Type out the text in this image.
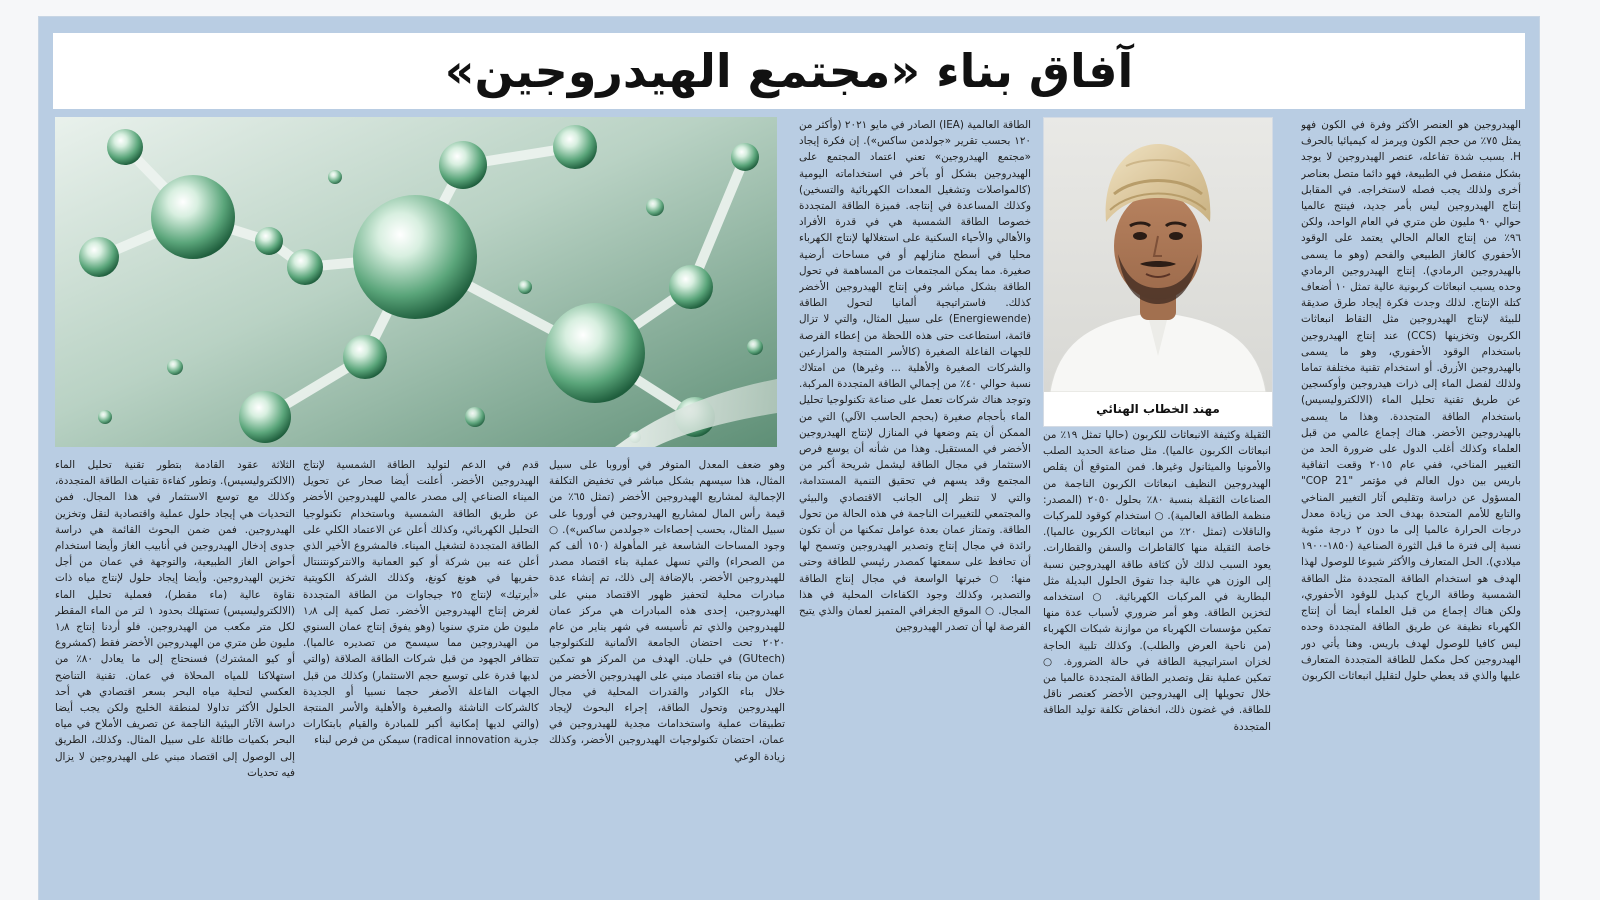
آفاق بناء «مجتمع الهيدروجين»

الهيدروجين هو العنصر الأكثر وفرة في الكون فهو يمثل ٧٥٪ من حجم الكون ويرمز له كيميائيا بالحرف H. بسبب شدة تفاعله، عنصر الهيدروجين لا يوجد بشكل منفصل في الطبيعة، فهو دائما متصل بعناصر أخرى ولذلك يجب فصله لاستخراجه. في المقابل إنتاج الهيدروجين ليس بأمر جديد، فينتج عالميا حوالي ٩٠ مليون طن متري في العام الواحد، ولكن ٩٦٪ من إنتاج العالم الحالي يعتمد على الوقود الأحفوري كالغاز الطبيعي والفحم (وهو ما يسمى بالهيدروجين الرمادي). إنتاج الهيدروجين الرمادي وحده يسبب انبعاثات كربونية عالية تمثل ١٠ أضعاف كتلة الإنتاج. لذلك وجدت فكرة إيجاد طرق صديقة للبيئة لإنتاج الهيدروجين مثل التقاط انبعاثات الكربون وتخزينها (CCS) عند إنتاج الهيدروجين باستخدام الوقود الأحفوري، وهو ما يسمى بالهيدروجين الأزرق. أو استخدام تقنية مختلفة تماما ولذلك لفصل الماء إلى ذرات هيدروجين وأوكسجين عن طريق تقنية تحليل الماء (الالكتروليسيس) باستخدام الطاقة المتجددة. وهذا ما يسمى بالهيدروجين الأخضر. هناك إجماع عالمي من قبل العلماء وكذلك أغلب الدول على ضرورة الحد من التغيير المناخي، ففي عام ٢٠١٥ وقعت اتفاقية باريس بين دول العالم في مؤتمر "COP 21" المسؤول عن دراسة وتقليص آثار التغيير المناخي والتابع للأمم المتحدة بهدف الحد من زيادة معدل درجات الحرارة عالميا إلى ما دون ٢ درجة مئوية نسبة إلى فترة ما قبل الثورة الصناعية (١٨٥٠-١٩٠٠ ميلادي). الحل المتعارف والأكثر شيوعا للوصول لهذا الهدف هو استخدام الطاقة المتجددة مثل الطاقة الشمسية وطاقة الرياح كبديل للوقود الأحفوري، ولكن هناك إجماع من قبل العلماء أيضا أن إنتاج الكهرباء نظيفة عن طريق الطاقة المتجددة وحده ليس كافيا للوصول لهدف باريس. وهنا يأتي دور الهيدروجين كحل مكمل للطاقة المتجددة المتعارف عليها والذي قد يعطي حلول لتقليل انبعاثات الكربون

مهند الخطاب الهنائي

الثقيلة وكثيفة الانبعاثات للكربون (حاليا تمثل ١٩٪ من انبعاثات الكربون عالميا). مثل صناعة الحديد الصلب والأمونيا والميثانول وغيرها. فمن المتوقع أن يقلص الهيدروجين النظيف انبعاثات الكربون الناجمة من الصناعات الثقيلة بنسبة ٨٠٪ بحلول ٢٠٥٠ (المصدر: منظمة الطاقة العالمية). ○ استخدام كوقود للمركبات والناقلات (تمثل ٢٠٪ من انبعاثات الكربون عالميا). خاصة الثقيلة منها كالقاطرات والسفن والقطارات. يعود السبب لذلك لأن كثافة طاقة الهيدروجين نسبة إلى الوزن هي عالية جدا تفوق الحلول البديلة مثل البطارية في المركبات الكهربائية. ○ استخدامه لتخزين الطاقة. وهو أمر ضروري لأسباب عدة منها تمكين مؤسسات الكهرباء من موازنة شبكات الكهرباء (من ناحية العرض والطلب). وكذلك تلبية الحاجة لخزان استراتيجية الطاقة في حالة الضرورة. ○ تمكين عملية نقل وتصدير الطاقة المتجددة عالميا من خلال تحويلها إلى الهيدروجين الأخضر كعنصر ناقل للطاقة. في غضون ذلك، انخفاض تكلفة توليد الطاقة المتجددة

الطاقة العالمية (IEA) الصادر في مايو ٢٠٢١ (وأكثر من ١٢٠ بحسب تقرير «جولدمن ساكس»). إن فكرة إيجاد «مجتمع الهيدروجين» تعني اعتماد المجتمع على الهيدروجين بشكل أو بآخر في استخداماته اليومية (كالمواصلات وتشغيل المعدات الكهربائية والتسخين) وكذلك المساعدة في إنتاجه. فميزة الطاقة المتجددة خصوصا الطاقة الشمسية هي في قدرة الأفراد والأهالي والأحياء السكنية على استغلالها لإنتاج الكهرباء محليا في أسطح منازلهم أو في مساحات أرضية صغيرة. مما يمكن المجتمعات من المساهمة في تحول الطاقة بشكل مباشر وفي إنتاج الهيدروجين الأخضر كذلك. فاستراتيجية ألمانيا لتحول الطاقة (Energiewende) على سبيل المثال، والتي لا تزال قائمة، استطاعت حتى هذه اللحظة من إعطاء الفرصة للجهات الفاعلة الصغيرة (كالأسر المنتجة والمزارعين والشركات الصغيرة والأهلية ... وغيرها) من امتلاك نسبة حوالي ٤٠٪ من إجمالي الطاقة المتجددة المركبة. وتوجد هناك شركات تعمل على صناعة تكنولوجيا تحليل الماء بأحجام صغيرة (بحجم الحاسب الآلي) التي من الممكن أن يتم وضعها في المنازل لإنتاج الهيدروجين الأخضر في المستقبل. وهذا من شأنه أن يوسع فرص الاستثمار في مجال الطاقة ليشمل شريحة أكبر من المجتمع وقد يسهم في تحقيق التنمية المستدامة، والتي لا تنظر إلى الجانب الاقتصادي والبيئي والمجتمعي للتغييرات الناجمة في هذه الحالة من تحول الطاقة. وتمتاز عمان بعدة عوامل تمكنها من أن تكون رائدة في مجال إنتاج وتصدير الهيدروجين وتسمح لها أن تحافظ على سمعتها كمصدر رئيسي للطاقة وحتى منها: ○ خبرتها الواسعة في مجال إنتاج الطاقة والتصدير، وكذلك وجود الكفاءات المحلية في هذا المجال. ○ الموقع الجغرافي المتميز لعمان والذي يتيح الفرصة لها أن تصدر الهيدروجين

وهو ضعف المعدل المتوفر في أوروبا على سبيل المثال، هذا سيسهم بشكل مباشر في تخفيض التكلفة الإجمالية لمشاريع الهيدروجين الأخضر (تمثل ٦٥٪ من قيمة رأس المال لمشاريع الهيدروجين في أوروبا على سبيل المثال، بحسب إحصاءات «جولدمن ساكس»). ○ وجود المساحات الشاسعة غير المأهولة (١٥٠ ألف كم من الصحراء) والتي تسهل عملية بناء اقتصاد مصدر للهيدروجين الأخضر. بالإضافة إلى ذلك، تم إنشاء عدة مبادرات محلية لتحفيز ظهور الاقتصاد مبني على الهيدروجين، إحدى هذه المبادرات هي مركز عمان للهيدروجين والذي تم تأسيسه في شهر يناير من عام ٢٠٢٠ تحت احتضان الجامعة الألمانية للتكنولوجيا (GUtech) في حلبان. الهدف من المركز هو تمكين عمان من بناء اقتصاد مبني على الهيدروجين الأخضر من خلال بناء الكوادر والقدرات المحلية في مجال الهيدروجين وتحول الطاقة، إجراء البحوث لإيجاد تطبيقات عملية واستخدامات مجدية للهيدروجين في عمان، احتضان تكنولوجيات الهيدروجين الأخضر، وكذلك زيادة الوعي

قدم في الدعم لتوليد الطاقة الشمسية لإنتاج الهيدروجين الأخضر. أعلنت أيضا صحار عن تحويل الميناء الصناعي إلى مصدر عالمي للهيدروجين الأخضر عن طريق الطاقة الشمسية وباستخدام تكنولوجيا التحليل الكهربائي، وكذلك أعلن عن الاعتماد الكلي على الطاقة المتجددة لتشغيل الميناء. فالمشروع الأخير الذي أعلن عنه بين شركة أو كيو العمانية والانتركونتننتال حفريها في هونغ كونغ، وكذلك الشركة الكويتية «أيرتيك» لإنتاج ٢٥ جيجاوات من الطاقة المتجددة لغرض إنتاج الهيدروجين الأخضر. تصل كمية إلى ١٫٨ مليون طن متري سنويا (وهو يفوق إنتاج عمان السنوي من الهيدروجين مما سيسمح من تصديره عالميا). تتظافر الجهود من قبل شركات الطاقة الصلاقة (والتي لديها قدرة على توسيع حجم الاستثمار) وكذلك من قبل الجهات الفاعلة الأصغر حجما نسبيا أو الجديدة كالشركات الناشئة والصغيرة والأهلية والأسر المنتجة (والتي لديها إمكانية أكبر للمبادرة والقيام بابتكارات جذرية radical innovation) سيمكن من فرص لبناء

الثلاثة عقود القادمة بتطور تقنية تحليل الماء (الالكتروليسيس). وتطور كفاءة تقنيات الطاقة المتجددة، وكذلك مع توسع الاستثمار في هذا المجال. فمن التحديات هي إيجاد حلول عملية واقتصادية لنقل وتخزين الهيدروجين. فمن ضمن البحوث القائمة هي دراسة جدوى إدخال الهيدروجين في أنابيب الغاز وأيضا استخدام أحواض الغاز الطبيعية، والتوجهة في عمان من أجل تخزين الهيدروجين. وأيضا إيجاد حلول لإنتاج مياه ذات نقاوة عالية (ماء مقطر)، فعملية تحليل الماء (الالكتروليسيس) تستهلك بحدود ١ لتر من الماء المقطر لكل متر مكعب من الهيدروجين. فلو أردنا إنتاج ١٫٨ مليون طن متري من الهيدروجين الأخضر فقط (كمشروع أو كيو المشترك) فسنحتاج إلى ما يعادل ٨٠٪ من استهلاكنا للمياه المحلاة في عمان. تقنية التناضح العكسي لتحلية مياه البحر بسعر اقتصادي هي أحد الحلول الأكثر تداولا لمنطقة الخليج ولكن يجب أيضا دراسة الآثار البيئية الناجمة عن تصريف الأملاح في مياه البحر بكميات طائلة على سبيل المثال. وكذلك، الطريق إلى الوصول إلى اقتصاد مبني على الهيدروجين لا يزال فيه تحديات
